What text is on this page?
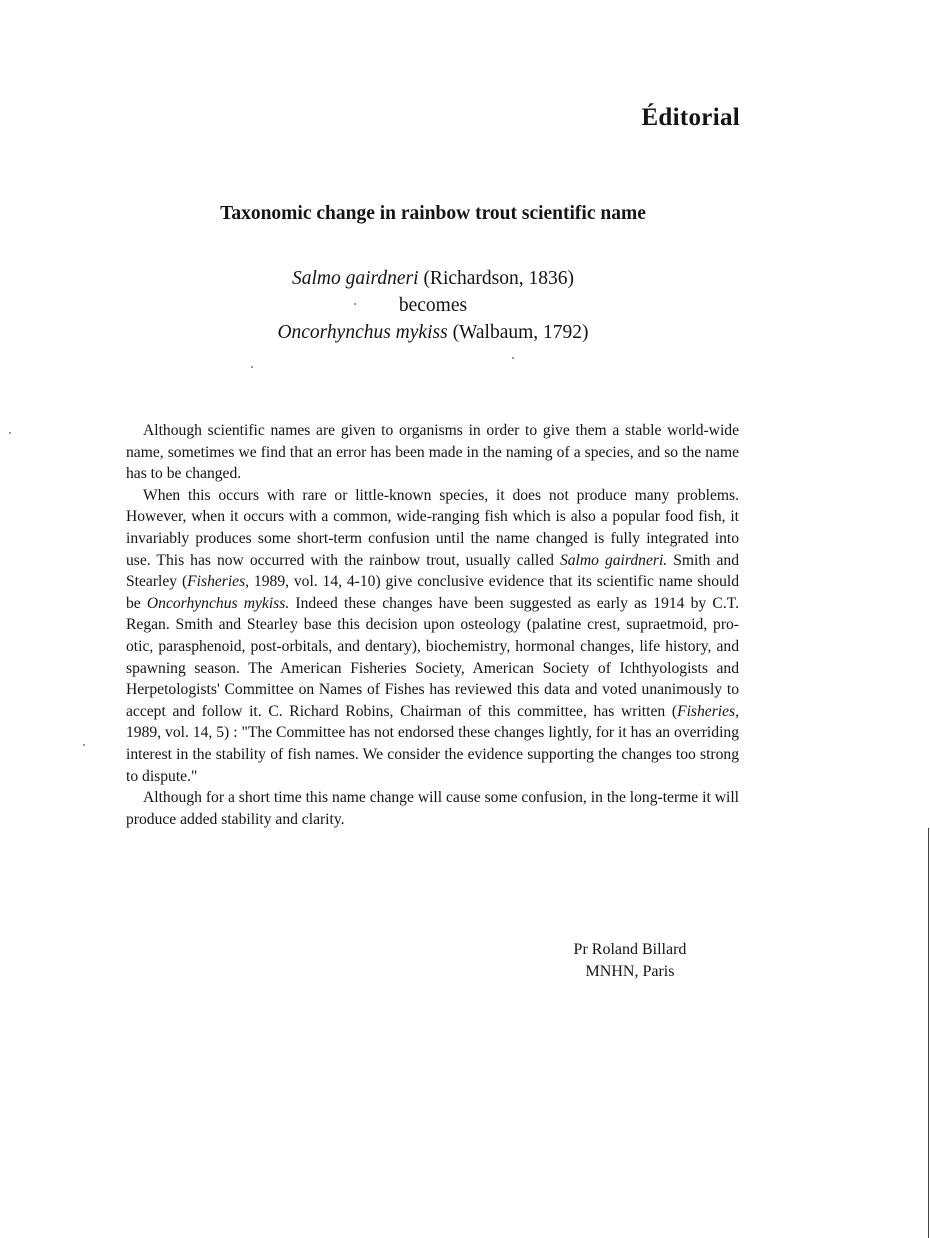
Éditorial
Taxonomic change in rainbow trout scientific name
Salmo gairdneri (Richardson, 1836)
becomes
Oncorhynchus mykiss (Walbaum, 1792)

Although scientific names are given to organisms in order to give them a stable world-wide name, sometimes we find that an error has been made in the naming of a species, and so the name has to be changed.

When this occurs with rare or little-known species, it does not produce many problems. However, when it occurs with a common, wide-ranging fish which is also a popular food fish, it invariably produces some short-term confusion until the name changed is fully integrated into use. This has now occurred with the rainbow trout, usually called Salmo gairdneri. Smith and Stearley (Fisheries, 1989, vol. 14, 4-10) give conclusive evidence that its scientific name should be Oncorhynchus mykiss. Indeed these changes have been suggested as early as 1914 by C.T. Regan. Smith and Stearley base this decision upon osteology (palatine crest, supraetmoid, pro-otic, parasphenoid, post-orbitals, and dentary), biochemistry, hormonal changes, life history, and spawning season. The American Fisheries Society, American Society of Ichthyologists and Herpetologists' Committee on Names of Fishes has reviewed this data and voted unanimously to accept and follow it. C. Richard Robins, Chairman of this committee, has written (Fisheries, 1989, vol. 14, 5) : "The Committee has not endorsed these changes lightly, for it has an overriding interest in the stability of fish names. We consider the evidence supporting the changes too strong to dispute."

Although for a short time this name change will cause some confusion, in the long-terme it will produce added stability and clarity.

Pr Roland Billard
MNHN, Paris
